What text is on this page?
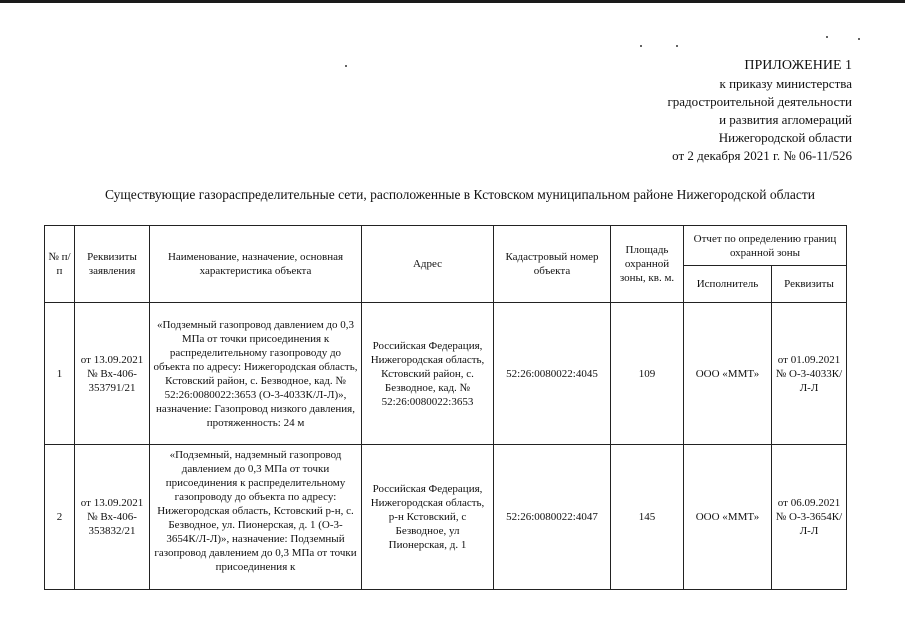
ПРИЛОЖЕНИЕ 1
к приказу министерства
градостроительной деятельности
и развития агломераций
Нижегородской области
от 2 декабря 2021 г. № 06-11/526
Существующие газораспределительные сети, расположенные в Кстовском муниципальном районе Нижегородской области
№ п/п	Реквизиты заявления	Наименование, назначение, основная характеристика объекта	Адрес	Кадастровый номер объекта	Площадь охранной зоны, кв. м.	Отчет по определению границ охранной зоны	
						Исполнитель	Реквизиты
1	от 13.09.2021 № Вх-406-353791/21	«Подземный газопровод давлением до 0,3 МПа от точки присоединения к распределительному газопроводу до объекта по адресу: Нижегородская область, Кстовский район, с. Безводное, кад. № 52:26:0080022:3653 (О-3-4033К/Л-Л)», назначение: Газопровод низкого давления, протяженность: 24 м	Российская Федерация, Нижегородская область, Кстовский район, с. Безводное, кад. № 52:26:0080022:3653	52:26:0080022:4045	109	ООО «ММТ»	от 01.09.2021 № О-3-4033К/Л-Л
2	от 13.09.2021 № Вх-406-353832/21	«Подземный, надземный газопровод давлением до 0,3 МПа от точки присоединения к распределительному газопроводу до объекта по адресу: Нижегородская область, Кстовский р-н, с. Безводное, ул. Пионерская, д. 1 (О-3-3654К/Л-Л)», назначение: Подземный газопровод давлением до 0,3 МПа от точки присоединения к	Российская Федерация, Нижегородская область, р-н Кстовский, с Безводное, ул Пионерская, д. 1	52:26:0080022:4047	145	ООО «ММТ»	от 06.09.2021 № О-3-3654К/Л-Л
